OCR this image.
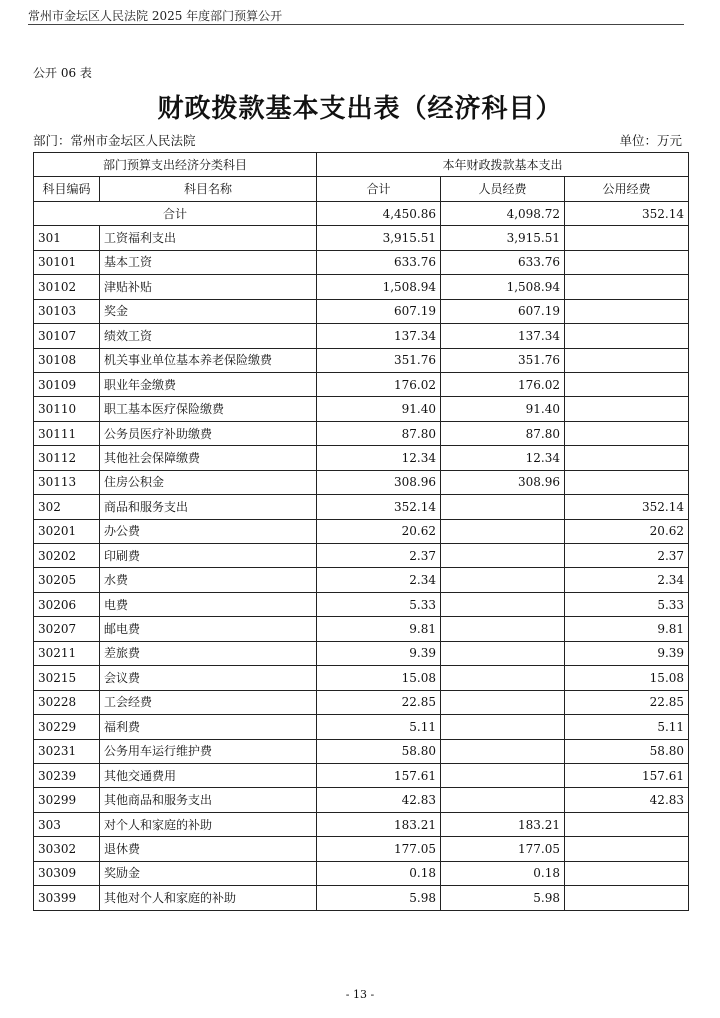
常州市金坛区人民法院 2025 年度部门预算公开
公开 06 表
财政拨款基本支出表（经济科目）
部门：常州市金坛区人民法院	单位：万元
部门预算支出经济分类科目		本年财政拨款基本支出		
科目编码	科目名称	合计	人员经费	公用经费
合计		4,450.86	4,098.72	352.14
301	工资福利支出	3,915.51	3,915.51	
30101	基本工资	633.76	633.76	
30102	津贴补贴	1,508.94	1,508.94	
30103	奖金	607.19	607.19	
30107	绩效工资	137.34	137.34	
30108	机关事业单位基本养老保险缴费	351.76	351.76	
30109	职业年金缴费	176.02	176.02	
30110	职工基本医疗保险缴费	91.40	91.40	
30111	公务员医疗补助缴费	87.80	87.80	
30112	其他社会保障缴费	12.34	12.34	
30113	住房公积金	308.96	308.96	
302	商品和服务支出	352.14		352.14
30201	办公费	20.62		20.62
30202	印刷费	2.37		2.37
30205	水费	2.34		2.34
30206	电费	5.33		5.33
30207	邮电费	9.81		9.81
30211	差旅费	9.39		9.39
30215	会议费	15.08		15.08
30228	工会经费	22.85		22.85
30229	福利费	5.11		5.11
30231	公务用车运行维护费	58.80		58.80
30239	其他交通费用	157.61		157.61
30299	其他商品和服务支出	42.83		42.83
303	对个人和家庭的补助	183.21	183.21	
30302	退休费	177.05	177.05	
30309	奖励金	0.18	0.18	
30399	其他对个人和家庭的补助	5.98	5.98	
- 13 -
